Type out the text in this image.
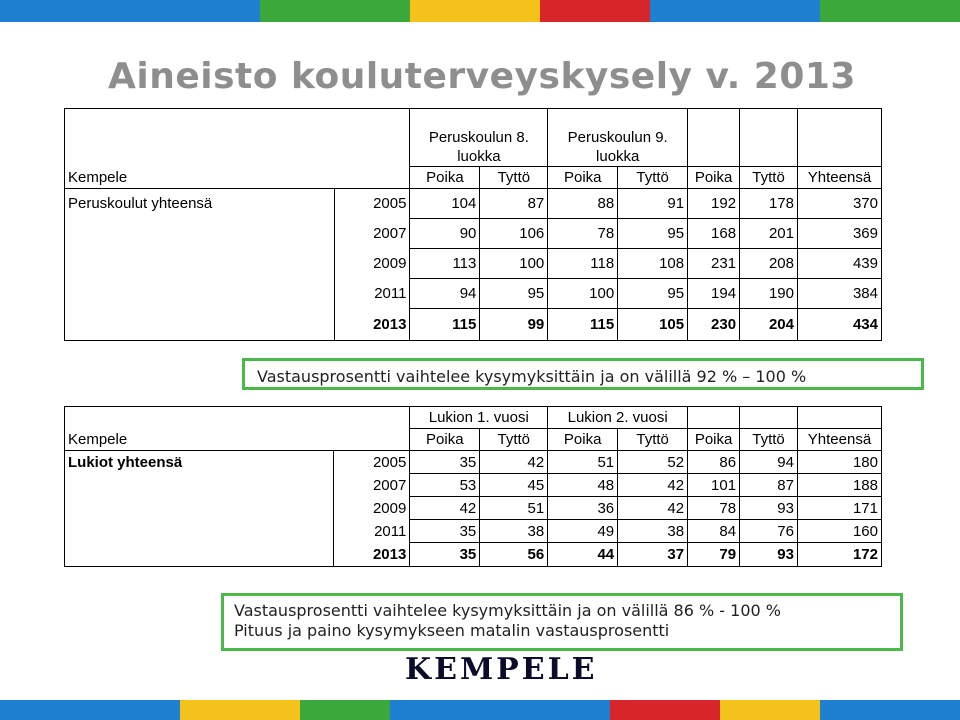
Aineisto kouluterveyskysely v. 2013
		Peruskoulun 8. luokka		Peruskoulun 9. luokka				
Kempele		Poika	Tyttö	Poika	Tyttö	Poika	Tyttö	Yhteensä
Peruskoulut yhteensä	2005	104	87	88	91	192	178	370
	2007	90	106	78	95	168	201	369
	2009	113	100	118	108	231	208	439
	2011	94	95	100	95	194	190	384
	2013	115	99	115	105	230	204	434
Vastausprosentti vaihtelee kysymyksittäin ja on välillä 92 % – 100 %
		Lukion 1. vuosi		Lukion 2. vuosi				
Kempele		Poika	Tyttö	Poika	Tyttö	Poika	Tyttö	Yhteensä
Lukiot yhteensä	2005	35	42	51	52	86	94	180
	2007	53	45	48	42	101	87	188
	2009	42	51	36	42	78	93	171
	2011	35	38	49	38	84	76	160
	2013	35	56	44	37	79	93	172
Vastausprosentti vaihtelee kysymyksittäin ja on välillä 86 % - 100 %
Pituus ja paino kysymykseen matalin vastausprosentti
KEMPELE
